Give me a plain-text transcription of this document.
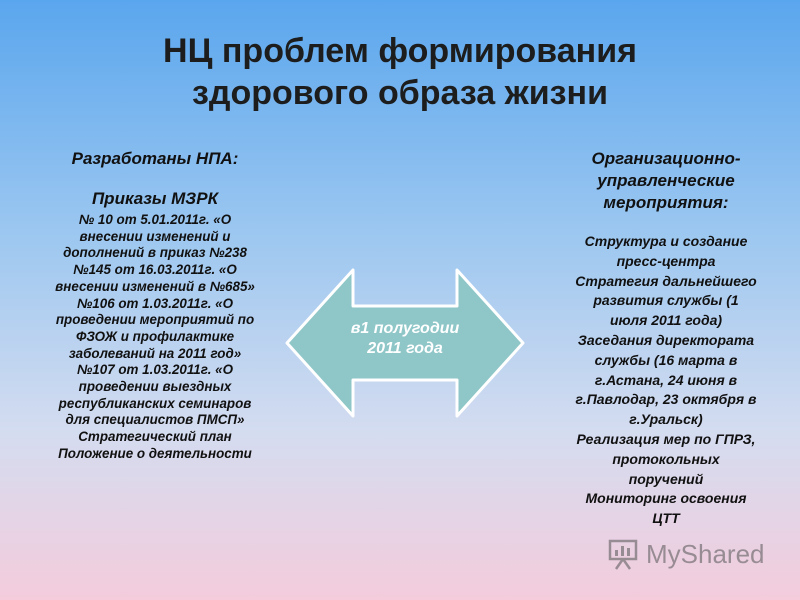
НЦ проблем формирования
здорового образа жизни
Разработаны НПА:
Приказы МЗРК
№ 10 от 5.01.2011г. «О
внесении изменений и
дополнений в приказ №238
№145 от 16.03.2011г. «О
внесении изменений в №685»
№106 от 1.03.2011г. «О
проведении мероприятий по
ФЗОЖ и профилактике
заболеваний на 2011 год»
№107 от 1.03.2011г. «О
проведении выездных
республиканских семинаров
для специалистов ПМСП»
Стратегический план
Положение о деятельности
Организационно-
управленческие
мероприятия:
Структура и создание
пресс-центра
Стратегия дальнейшего
развития службы (1
июля 2011 года)
Заседания директората
службы (16 марта в
г.Астана, 24 июня в
г.Павлодар, 23 октября в
г.Уральск)
Реализация мер по ГПРЗ,
протокольных
поручений
Мониторинг освоения
ЦТТ
в1 полугодии
2011 года
MyShared
